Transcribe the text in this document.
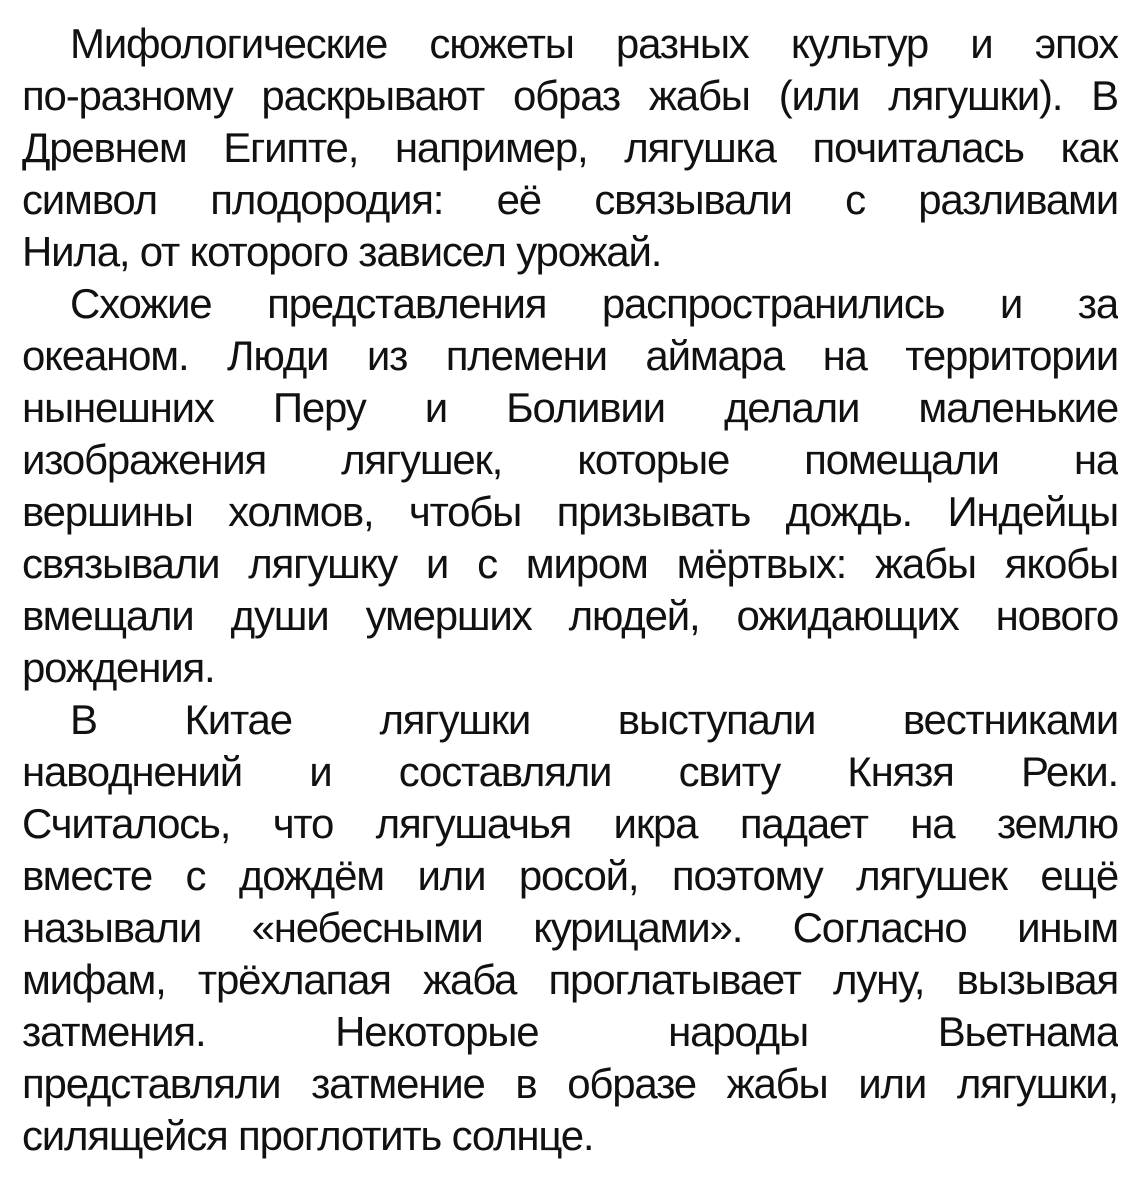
Мифологические сюжеты разных культур и эпох
по-разному раскрывают образ жабы (или лягушки). В
Древнем Египте, например, лягушка почиталась как
символ плодородия: её связывали с разливами
Нила, от которого зависел урожай.
Схожие представления распространились и за
океаном. Люди из племени аймара на территории
нынешних Перу и Боливии делали маленькие
изображения лягушек, которые помещали на
вершины холмов, чтобы призывать дождь. Индейцы
связывали лягушку и с миром мёртвых: жабы якобы
вмещали души умерших людей, ожидающих нового
рождения.
В Китае лягушки выступали вестниками
наводнений и составляли свиту Князя Реки.
Считалось, что лягушачья икра падает на землю
вместе с дождём или росой, поэтому лягушек ещё
называли «небесными курицами». Согласно иным
мифам, трёхлапая жаба проглатывает луну, вызывая
затмения. Некоторые народы Вьетнама
представляли затмение в образе жабы или лягушки,
силящейся проглотить солнце.
